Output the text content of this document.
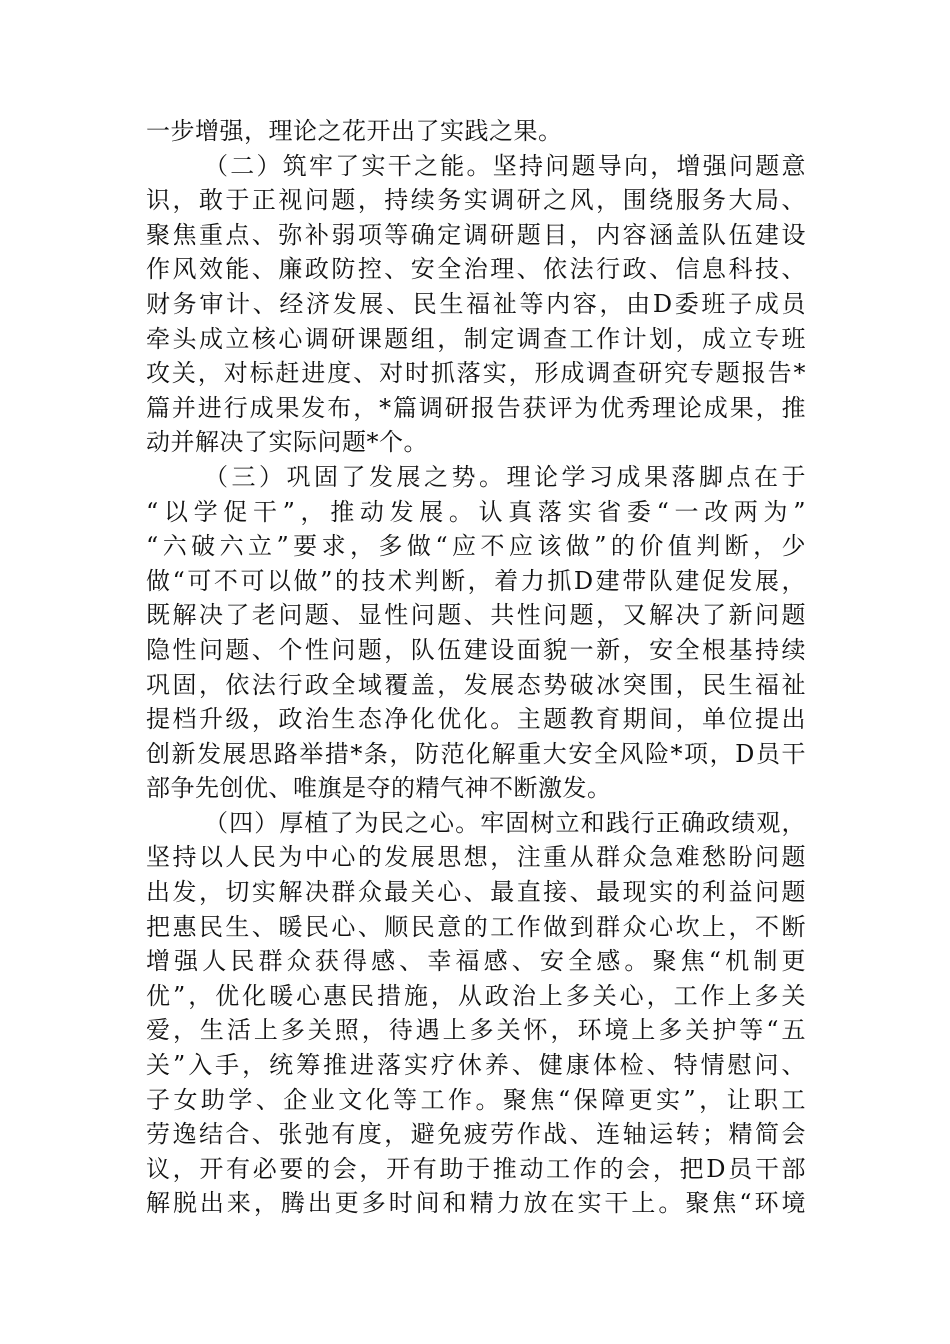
一步增强，理论之花开出了实践之果。
（二）筑牢了实干之能。坚持问题导向，增强问题意
识，敢于正视问题，持续务实调研之风，围绕服务大局、
聚焦重点、弥补弱项等确定调研题目，内容涵盖队伍建设
作风效能、廉政防控、安全治理、依法行政、信息科技、
财务审计、经济发展、民生福祉等内容，由D委班子成员
牵头成立核心调研课题组，制定调查工作计划，成立专班
攻关，对标赶进度、对时抓落实，形成调查研究专题报告*
篇并进行成果发布，*篇调研报告获评为优秀理论成果，推
动并解决了实际问题*个。
（三）巩固了发展之势。理论学习成果落脚点在于
“以学促干”，推动发展。认真落实省委“一改两为”
“六破六立”要求，多做“应不应该做”的价值判断，少
做“可不可以做”的技术判断，着力抓D建带队建促发展，
既解决了老问题、显性问题、共性问题，又解决了新问题
隐性问题、个性问题，队伍建设面貌一新，安全根基持续
巩固，依法行政全域覆盖，发展态势破冰突围，民生福祉
提档升级，政治生态净化优化。主题教育期间，单位提出
创新发展思路举措*条，防范化解重大安全风险*项，D员干
部争先创优、唯旗是夺的精气神不断激发。
（四）厚植了为民之心。牢固树立和践行正确政绩观，
坚持以人民为中心的发展思想，注重从群众急难愁盼问题
出发，切实解决群众最关心、最直接、最现实的利益问题
把惠民生、暖民心、顺民意的工作做到群众心坎上，不断
增强人民群众获得感、幸福感、安全感。聚焦“机制更
优”，优化暖心惠民措施，从政治上多关心，工作上多关
爱，生活上多关照，待遇上多关怀，环境上多关护等“五
关”入手，统筹推进落实疗休养、健康体检、特情慰问、
子女助学、企业文化等工作。聚焦“保障更实”，让职工
劳逸结合、张弛有度，避免疲劳作战、连轴运转；精简会
议，开有必要的会，开有助于推动工作的会，把D员干部
解脱出来，腾出更多时间和精力放在实干上。聚焦“环境
